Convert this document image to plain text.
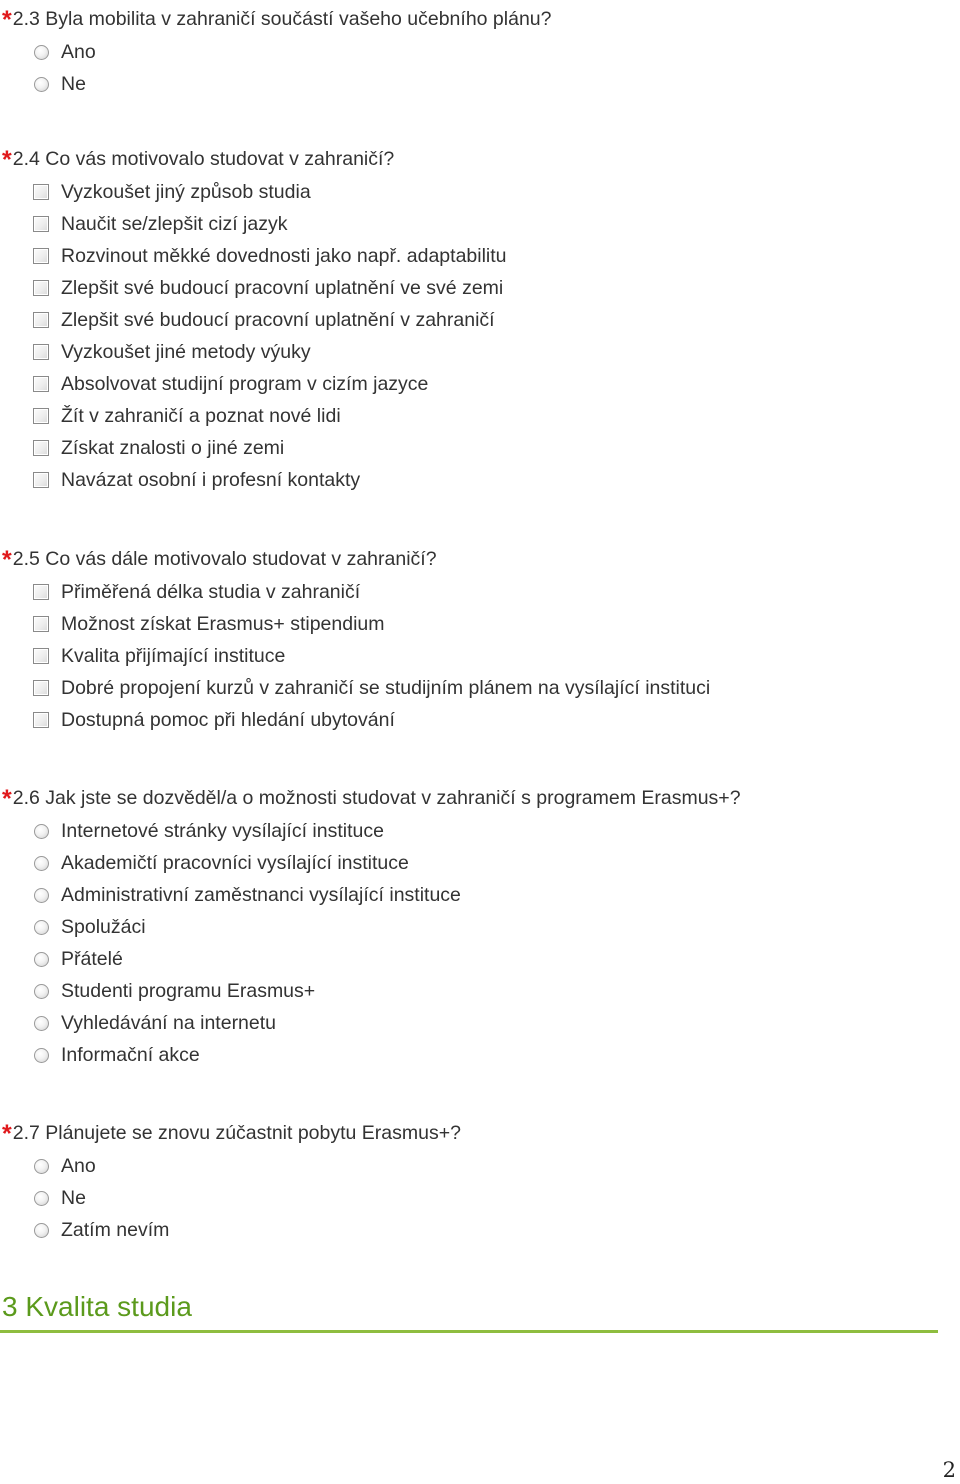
*2.3 Byla mobilita v zahraničí součástí vašeho učebního plánu?
Ano
Ne
*2.4 Co vás motivovalo studovat v zahraničí?
Vyzkoušet jiný způsob studia
Naučit se/zlepšit cizí jazyk
Rozvinout měkké dovednosti jako např. adaptabilitu
Zlepšit své budoucí pracovní uplatnění ve své zemi
Zlepšit své budoucí pracovní uplatnění v zahraničí
Vyzkoušet jiné metody výuky
Absolvovat studijní program v cizím jazyce
Žít v zahraničí a poznat nové lidi
Získat znalosti o jiné zemi
Navázat osobní i profesní kontakty
*2.5 Co vás dále motivovalo studovat v zahraničí?
Přiměřená délka studia v zahraničí
Možnost získat Erasmus+ stipendium
Kvalita přijímající instituce
Dobré propojení kurzů v zahraničí se studijním plánem na vysílající instituci
Dostupná pomoc při hledání ubytování
*2.6 Jak jste se dozvěděl/a o možnosti studovat v zahraničí s programem Erasmus+?
Internetové stránky vysílající instituce
Akademičtí pracovníci vysílající instituce
Administrativní zaměstnanci vysílající instituce
Spolužáci
Přátelé
Studenti programu Erasmus+
Vyhledávání na internetu
Informační akce
*2.7 Plánujete se znovu zúčastnit pobytu Erasmus+?
Ano
Ne
Zatím nevím
3 Kvalita studia
2
